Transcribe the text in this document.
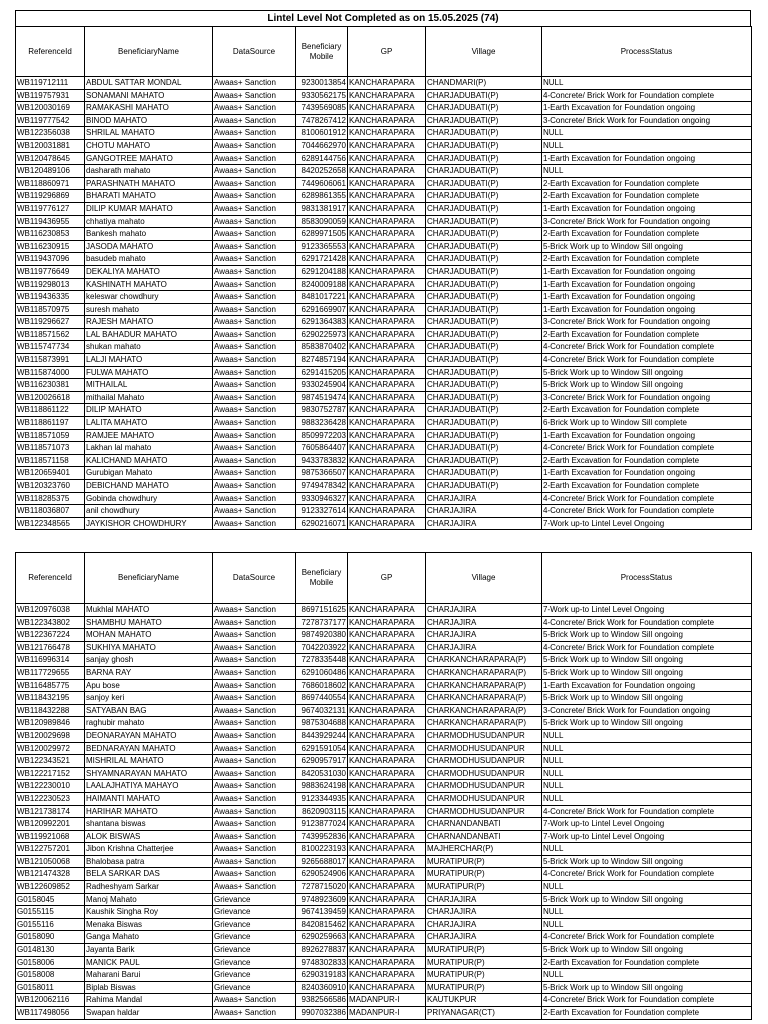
Lintel Level Not Completed as on 15.05.2025 (74)
ReferenceId	BeneficiaryName	DataSource	Beneficiary Mobile	GP	Village	ProcessStatus
WB119712111	ABDUL SATTAR MONDAL	Awaas+ Sanction	9230013854	KANCHARAPARA	CHANDMARI(P)	NULL
WB119757931	SONAMANI MAHATO	Awaas+ Sanction	9330562175	KANCHARAPARA	CHARJADUBATI(P)	4-Concrete/ Brick Work for Foundation complete
WB120030169	RAMAKASHI MAHATO	Awaas+ Sanction	7439569085	KANCHARAPARA	CHARJADUBATI(P)	1-Earth Excavation for Foundation ongoing
WB119777542	BINOD MAHATO	Awaas+ Sanction	7478267412	KANCHARAPARA	CHARJADUBATI(P)	3-Concrete/ Brick Work for Foundation ongoing
WB122356038	SHRILAL MAHATO	Awaas+ Sanction	8100601912	KANCHARAPARA	CHARJADUBATI(P)	NULL
WB120031881	CHOTU MAHATO	Awaas+ Sanction	7044662970	KANCHARAPARA	CHARJADUBATI(P)	NULL
WB120478645	GANGOTREE MAHATO	Awaas+ Sanction	6289144756	KANCHARAPARA	CHARJADUBATI(P)	1-Earth Excavation for Foundation ongoing
WB120489106	dasharath mahato	Awaas+ Sanction	8420252658	KANCHARAPARA	CHARJADUBATI(P)	NULL
WB118860971	PARASHNATH MAHATO	Awaas+ Sanction	7449606061	KANCHARAPARA	CHARJADUBATI(P)	2-Earth Excavation for Foundation complete
WB119296869	BHARATI MAHATO	Awaas+ Sanction	6289861355	KANCHARAPARA	CHARJADUBATI(P)	2-Earth Excavation for Foundation complete
WB119776127	DILIP KUMAR MAHATO	Awaas+ Sanction	9831381917	KANCHARAPARA	CHARJADUBATI(P)	1-Earth Excavation for Foundation ongoing
WB119436955	chhatiya mahato	Awaas+ Sanction	8583090059	KANCHARAPARA	CHARJADUBATI(P)	3-Concrete/ Brick Work for Foundation ongoing
WB116230853	Bankesh mahato	Awaas+ Sanction	6289971505	KANCHARAPARA	CHARJADUBATI(P)	2-Earth Excavation for Foundation complete
WB116230915	JASODA MAHATO	Awaas+ Sanction	9123365553	KANCHARAPARA	CHARJADUBATI(P)	5-Brick Work up to Window Sill ongoing
WB119437096	basudeb mahato	Awaas+ Sanction	6291721428	KANCHARAPARA	CHARJADUBATI(P)	2-Earth Excavation for Foundation complete
WB119776649	DEKALIYA MAHATO	Awaas+ Sanction	6291204188	KANCHARAPARA	CHARJADUBATI(P)	1-Earth Excavation for Foundation ongoing
WB119298013	KASHINATH MAHATO	Awaas+ Sanction	8240009188	KANCHARAPARA	CHARJADUBATI(P)	1-Earth Excavation for Foundation ongoing
WB119436335	keleswar chowdhury	Awaas+ Sanction	8481017221	KANCHARAPARA	CHARJADUBATI(P)	1-Earth Excavation for Foundation ongoing
WB118570975	suresh mahato	Awaas+ Sanction	6291669907	KANCHARAPARA	CHARJADUBATI(P)	1-Earth Excavation for Foundation ongoing
WB119296627	RAJESH MAHATO	Awaas+ Sanction	6291364383	KANCHARAPARA	CHARJADUBATI(P)	3-Concrete/ Brick Work for Foundation ongoing
WB118571562	LAL BAHADUR MAHATO	Awaas+ Sanction	6290225973	KANCHARAPARA	CHARJADUBATI(P)	2-Earth Excavation for Foundation complete
WB115747734	shukan mahato	Awaas+ Sanction	8583870402	KANCHARAPARA	CHARJADUBATI(P)	4-Concrete/ Brick Work for Foundation complete
WB115873991	LALJI MAHATO	Awaas+ Sanction	8274857194	KANCHARAPARA	CHARJADUBATI(P)	4-Concrete/ Brick Work for Foundation complete
WB115874000	FULWA MAHATO	Awaas+ Sanction	6291415205	KANCHARAPARA	CHARJADUBATI(P)	5-Brick Work up to Window Sill ongoing
WB116230381	MITHAILAL	Awaas+ Sanction	9330245904	KANCHARAPARA	CHARJADUBATI(P)	5-Brick Work up to Window Sill ongoing
WB120026618	mithailal Mahato	Awaas+ Sanction	9874519474	KANCHARAPARA	CHARJADUBATI(P)	3-Concrete/ Brick Work for Foundation ongoing
WB118861122	DILIP MAHATO	Awaas+ Sanction	9830752787	KANCHARAPARA	CHARJADUBATI(P)	2-Earth Excavation for Foundation complete
WB118861197	LALITA MAHATO	Awaas+ Sanction	9883236428	KANCHARAPARA	CHARJADUBATI(P)	6-Brick Work up to Window Sill complete
WB118571059	RAMJEE MAHATO	Awaas+ Sanction	8509972203	KANCHARAPARA	CHARJADUBATI(P)	1-Earth Excavation for Foundation ongoing
WB118571073	Lakhan lal mahato	Awaas+ Sanction	7605864407	KANCHARAPARA	CHARJADUBATI(P)	4-Concrete/ Brick Work for Foundation complete
WB118571158	KALICHAND MAHATO	Awaas+ Sanction	9433783832	KANCHARAPARA	CHARJADUBATI(P)	2-Earth Excavation for Foundation complete
WB120659401	Gurubigan Mahato	Awaas+ Sanction	9875366507	KANCHARAPARA	CHARJADUBATI(P)	1-Earth Excavation for Foundation ongoing
WB120323760	DEBICHAND MAHATO	Awaas+ Sanction	9749478342	KANCHARAPARA	CHARJADUBATI(P)	2-Earth Excavation for Foundation complete
WB118285375	Gobinda chowdhury	Awaas+ Sanction	9330946327	KANCHARAPARA	CHARJAJIRA	4-Concrete/ Brick Work for Foundation complete
WB118036807	anil chowdhury	Awaas+ Sanction	9123327614	KANCHARAPARA	CHARJAJIRA	4-Concrete/ Brick Work for Foundation complete
WB122348565	JAYKISHOR CHOWDHURY	Awaas+ Sanction	6290216071	KANCHARAPARA	CHARJAJIRA	7-Work up-to Lintel Level Ongoing
ReferenceId	BeneficiaryName	DataSource	Beneficiary Mobile	GP	Village	ProcessStatus
WB120976038	Mukhlal MAHATO	Awaas+ Sanction	8697151625	KANCHARAPARA	CHARJAJIRA	7-Work up-to Lintel Level Ongoing
WB122343802	SHAMBHU MAHATO	Awaas+ Sanction	7278737177	KANCHARAPARA	CHARJAJIRA	4-Concrete/ Brick Work for Foundation complete
WB122367224	MOHAN MAHATO	Awaas+ Sanction	9874920380	KANCHARAPARA	CHARJAJIRA	5-Brick Work up to Window Sill ongoing
WB121766478	SUKHIYA MAHATO	Awaas+ Sanction	7042203922	KANCHARAPARA	CHARJAJIRA	4-Concrete/ Brick Work for Foundation complete
WB116996314	sanjay ghosh	Awaas+ Sanction	7278335448	KANCHARAPARA	CHARKANCHARAPARA(P)	5-Brick Work up to Window Sill ongoing
WB117729655	BARNA RAY	Awaas+ Sanction	6291060486	KANCHARAPARA	CHARKANCHARAPARA(P)	5-Brick Work up to Window Sill ongoing
WB116485775	Apu bose	Awaas+ Sanction	7686018602	KANCHARAPARA	CHARKANCHARAPARA(P)	1-Earth Excavation for Foundation ongoing
WB118432195	sanjoy keri	Awaas+ Sanction	8697440554	KANCHARAPARA	CHARKANCHARAPARA(P)	5-Brick Work up to Window Sill ongoing
WB118432288	SATYABAN BAG	Awaas+ Sanction	9674032131	KANCHARAPARA	CHARKANCHARAPARA(P)	3-Concrete/ Brick Work for Foundation ongoing
WB120989846	raghubir mahato	Awaas+ Sanction	9875304688	KANCHARAPARA	CHARKANCHARAPARA(P)	5-Brick Work up to Window Sill ongoing
WB120029698	DEONARAYAN MAHATO	Awaas+ Sanction	8443929244	KANCHARAPARA	CHARMODHUSUDANPUR	NULL
WB120029972	BEDNARAYAN MAHATO	Awaas+ Sanction	6291591054	KANCHARAPARA	CHARMODHUSUDANPUR	NULL
WB122343521	MISHRILAL MAHATO	Awaas+ Sanction	6290957917	KANCHARAPARA	CHARMODHUSUDANPUR	NULL
WB122217152	SHYAMNARAYAN MAHATO	Awaas+ Sanction	8420531030	KANCHARAPARA	CHARMODHUSUDANPUR	NULL
WB122230010	LAALAJHATIYA MAHAYO	Awaas+ Sanction	9883624198	KANCHARAPARA	CHARMODHUSUDANPUR	NULL
WB122230523	HAIMANTI MAHATO	Awaas+ Sanction	9123344935	KANCHARAPARA	CHARMODHUSUDANPUR	NULL
WB121738174	HARIHAR MAHATO	Awaas+ Sanction	8620903115	KANCHARAPARA	CHARMODHUSUDANPUR	4-Concrete/ Brick Work for Foundation complete
WB120992201	shantana biswas	Awaas+ Sanction	9123877024	KANCHARAPARA	CHARNANDANBATI	7-Work up-to Lintel Level Ongoing
WB119921068	ALOK BISWAS	Awaas+ Sanction	7439952836	KANCHARAPARA	CHARNANDANBATI	7-Work up-to Lintel Level Ongoing
WB122757201	Jibon Krishna Chatterjee	Awaas+ Sanction	8100223193	KANCHARAPARA	MAJHERCHAR(P)	NULL
WB121050068	Bhalobasa patra	Awaas+ Sanction	9265688017	KANCHARAPARA	MURATIPUR(P)	5-Brick Work up to Window Sill ongoing
WB121474328	BELA SARKAR DAS	Awaas+ Sanction	6290524906	KANCHARAPARA	MURATIPUR(P)	4-Concrete/ Brick Work for Foundation complete
WB122609852	Radheshyam Sarkar	Awaas+ Sanction	7278715020	KANCHARAPARA	MURATIPUR(P)	NULL
G0158045	Manoj Mahato	Grievance	9748923609	KANCHARAPARA	CHARJAJIRA	5-Brick Work up to Window Sill ongoing
G0155115	Kaushik Singha Roy	Grievance	9674139459	KANCHARAPARA	CHARJAJIRA	NULL
G0155116	Menaka Biswas	Grievance	8420815462	KANCHARAPARA	CHARJAJIRA	NULL
G0158090	Ganga Mahato	Grievance	6290259663	KANCHARAPARA	CHARJAJIRA	4-Concrete/ Brick Work for Foundation complete
G0148130	Jayanta Barik	Grievance	8926278837	KANCHARAPARA	MURATIPUR(P)	5-Brick Work up to Window Sill ongoing
G0158006	MANICK PAUL	Grievance	9748302833	KANCHARAPARA	MURATIPUR(P)	2-Earth Excavation for Foundation complete
G0158008	Maharani Barui	Grievance	6290319183	KANCHARAPARA	MURATIPUR(P)	NULL
G0158011	Biplab Biswas	Grievance	8240360910	KANCHARAPARA	MURATIPUR(P)	5-Brick Work up to Window Sill ongoing
WB120062116	Rahima Mandal	Awaas+ Sanction	9382566586	MADANPUR-I	KAUTUKPUR	4-Concrete/ Brick Work for Foundation complete
WB117498056	Swapan haldar	Awaas+ Sanction	9907032386	MADANPUR-I	PRIYANAGAR(CT)	2-Earth Excavation for Foundation complete
